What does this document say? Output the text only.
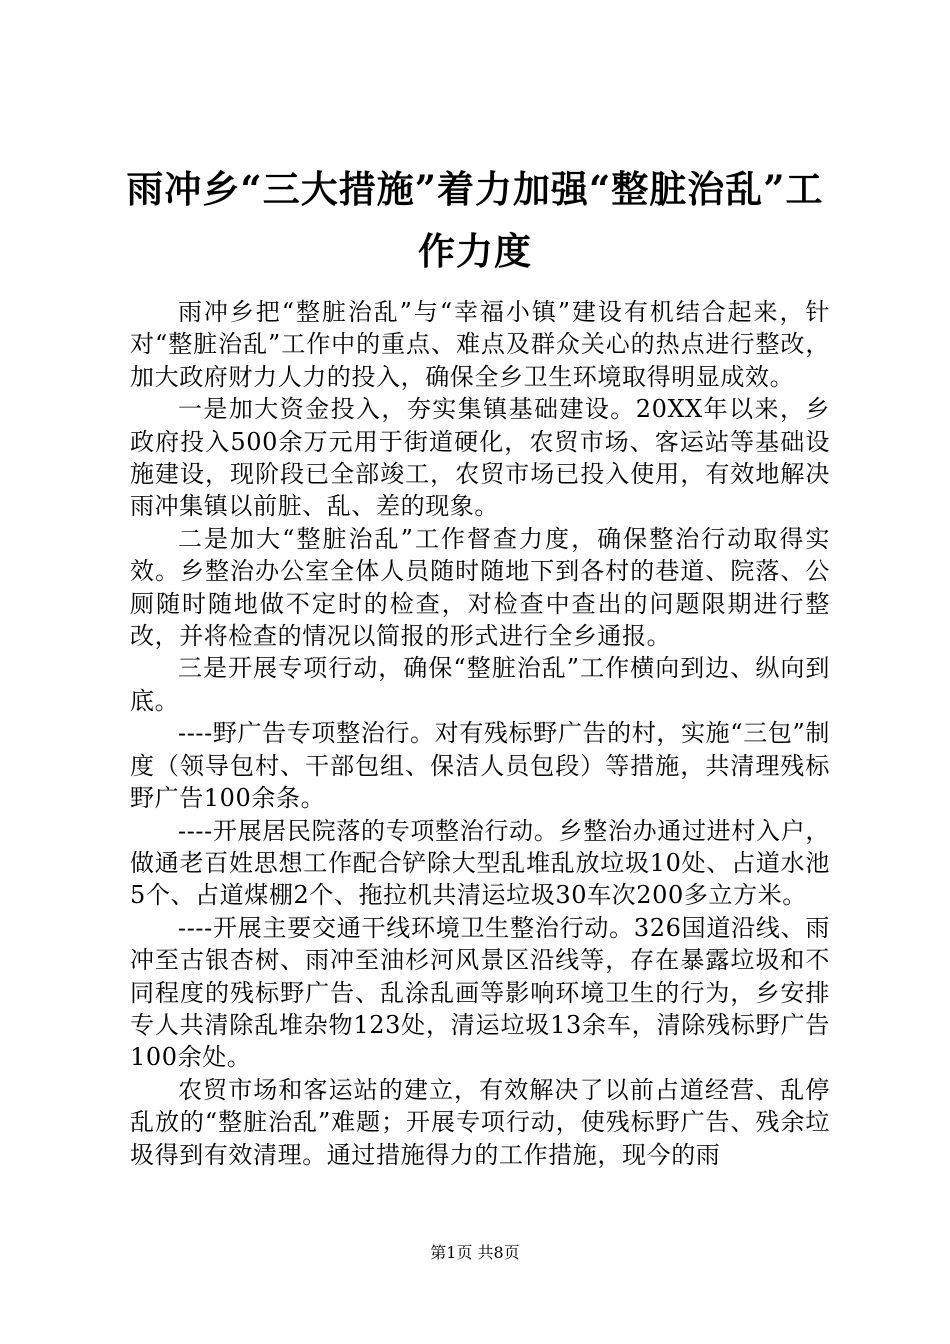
雨冲乡“三大措施”着力加强“整脏治乱”工作力度

雨冲乡把“整脏治乱”与“幸福小镇”建设有机结合起来，针对“整脏治乱”工作中的重点、难点及群众关心的热点进行整改，加大政府财力人力的投入，确保全乡卫生环境取得明显成效。

一是加大资金投入，夯实集镇基础建设。20XX年以来，乡政府投入500余万元用于街道硬化，农贸市场、客运站等基础设施建设，现阶段已全部竣工，农贸市场已投入使用，有效地解决雨冲集镇以前脏、乱、差的现象。

二是加大“整脏治乱”工作督查力度，确保整治行动取得实效。乡整治办公室全体人员随时随地下到各村的巷道、院落、公厕随时随地做不定时的检查，对检查中查出的问题限期进行整改，并将检查的情况以简报的形式进行全乡通报。

三是开展专项行动，确保“整脏治乱”工作横向到边、纵向到底。

----野广告专项整治行。对有残标野广告的村，实施“三包”制度（领导包村、干部包组、保洁人员包段）等措施，共清理残标野广告100余条。

----开展居民院落的专项整治行动。乡整治办通过进村入户，做通老百姓思想工作配合铲除大型乱堆乱放垃圾10处、占道水池5个、占道煤棚2个、拖拉机共清运垃圾30车次200多立方米。

----开展主要交通干线环境卫生整治行动。326国道沿线、雨冲至古银杏树、雨冲至油杉河风景区沿线等，存在暴露垃圾和不同程度的残标野广告、乱涂乱画等影响环境卫生的行为，乡安排专人共清除乱堆杂物123处，清运垃圾13余车，清除残标野广告100余处。

农贸市场和客运站的建立，有效解决了以前占道经营、乱停乱放的“整脏治乱”难题；开展专项行动，使残标野广告、残余垃圾得到有效清理。通过措施得力的工作措施，现今的雨

第1页 共8页
